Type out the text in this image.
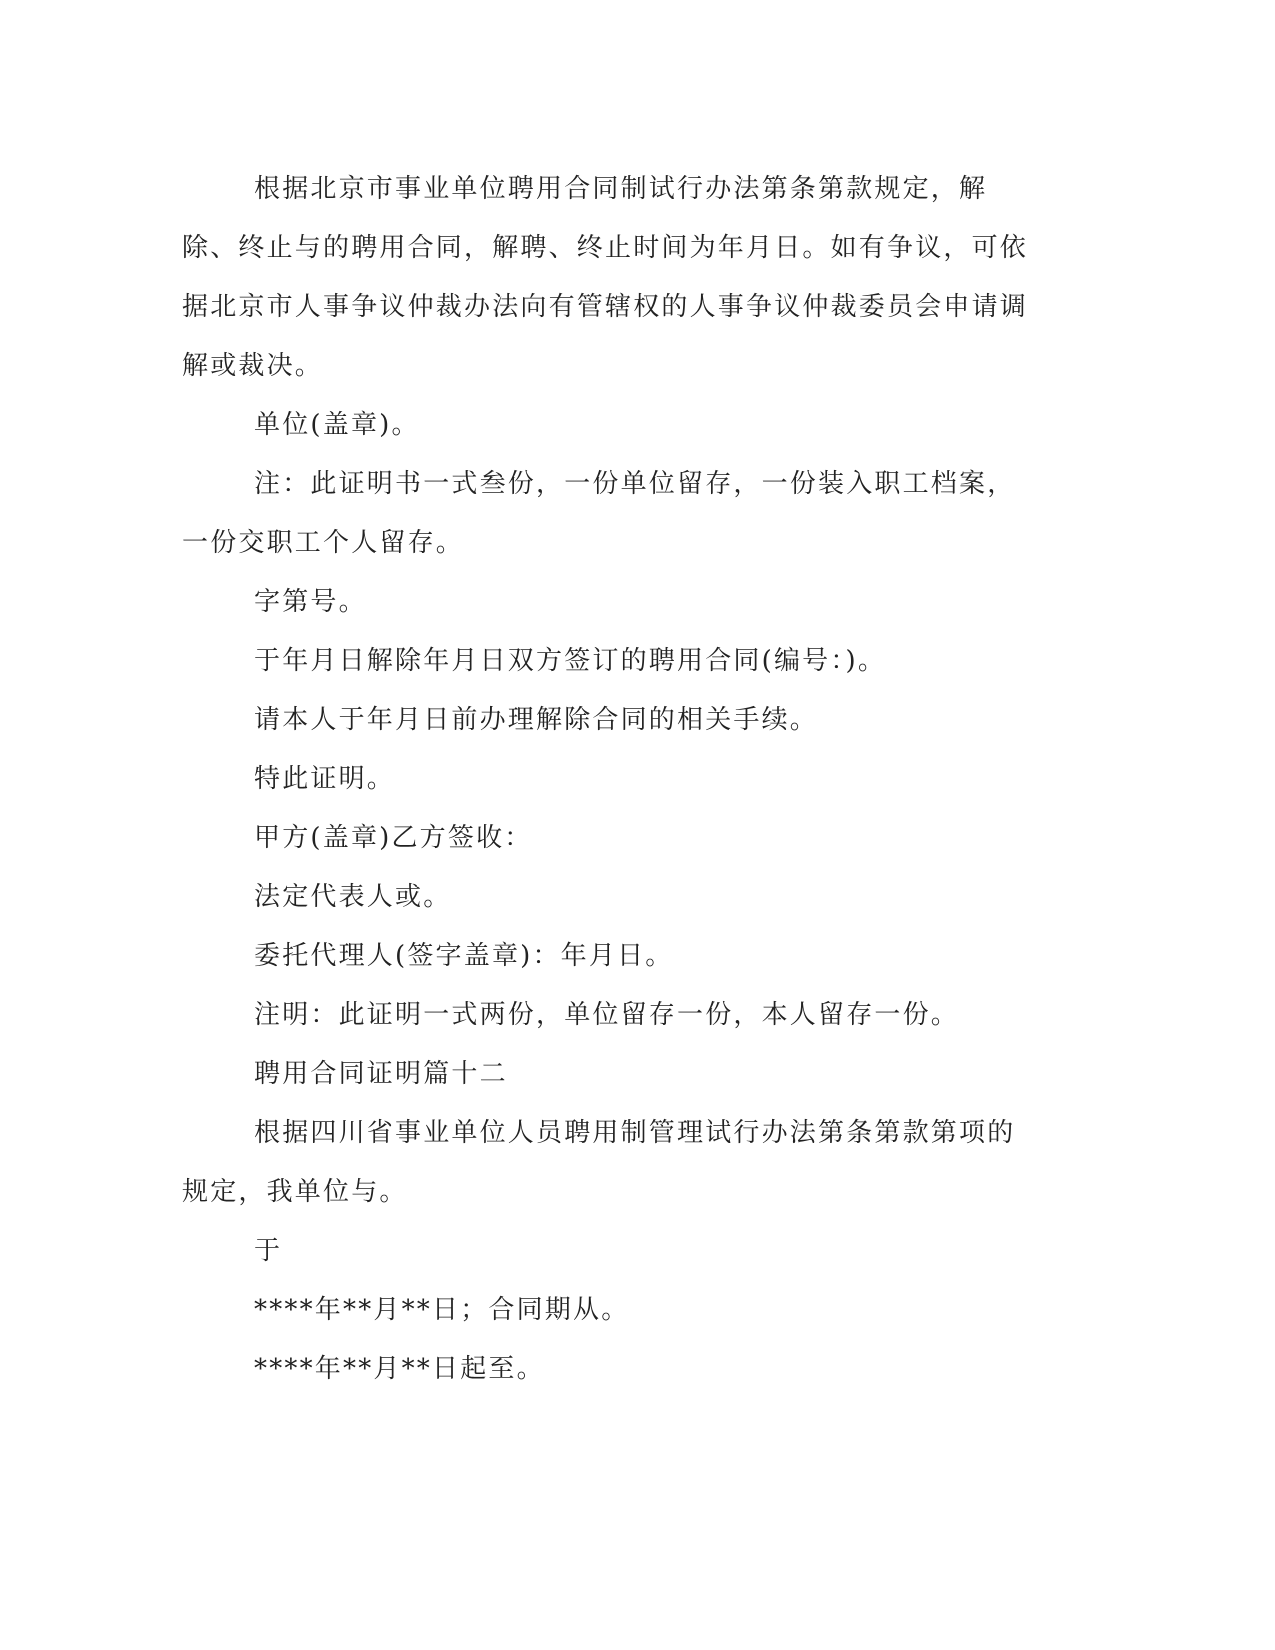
根据北京市事业单位聘用合同制试行办法第条第款规定，解除、终止与的聘用合同，解聘、终止时间为年月日。如有争议，可依据北京市人事争议仲裁办法向有管辖权的人事争议仲裁委员会申请调解或裁决。

单位(盖章)。

注：此证明书一式叁份，一份单位留存，一份装入职工档案，一份交职工个人留存。

字第号。

于年月日解除年月日双方签订的聘用合同(编号：)。

请本人于年月日前办理解除合同的相关手续。

特此证明。

甲方(盖章)乙方签收：

法定代表人或。

委托代理人(签字盖章)：年月日。

注明：此证明一式两份，单位留存一份，本人留存一份。

聘用合同证明篇十二

根据四川省事业单位人员聘用制管理试行办法第条第款第项的规定，我单位与。

于

****年**月**日；合同期从。

****年**月**日起至。
